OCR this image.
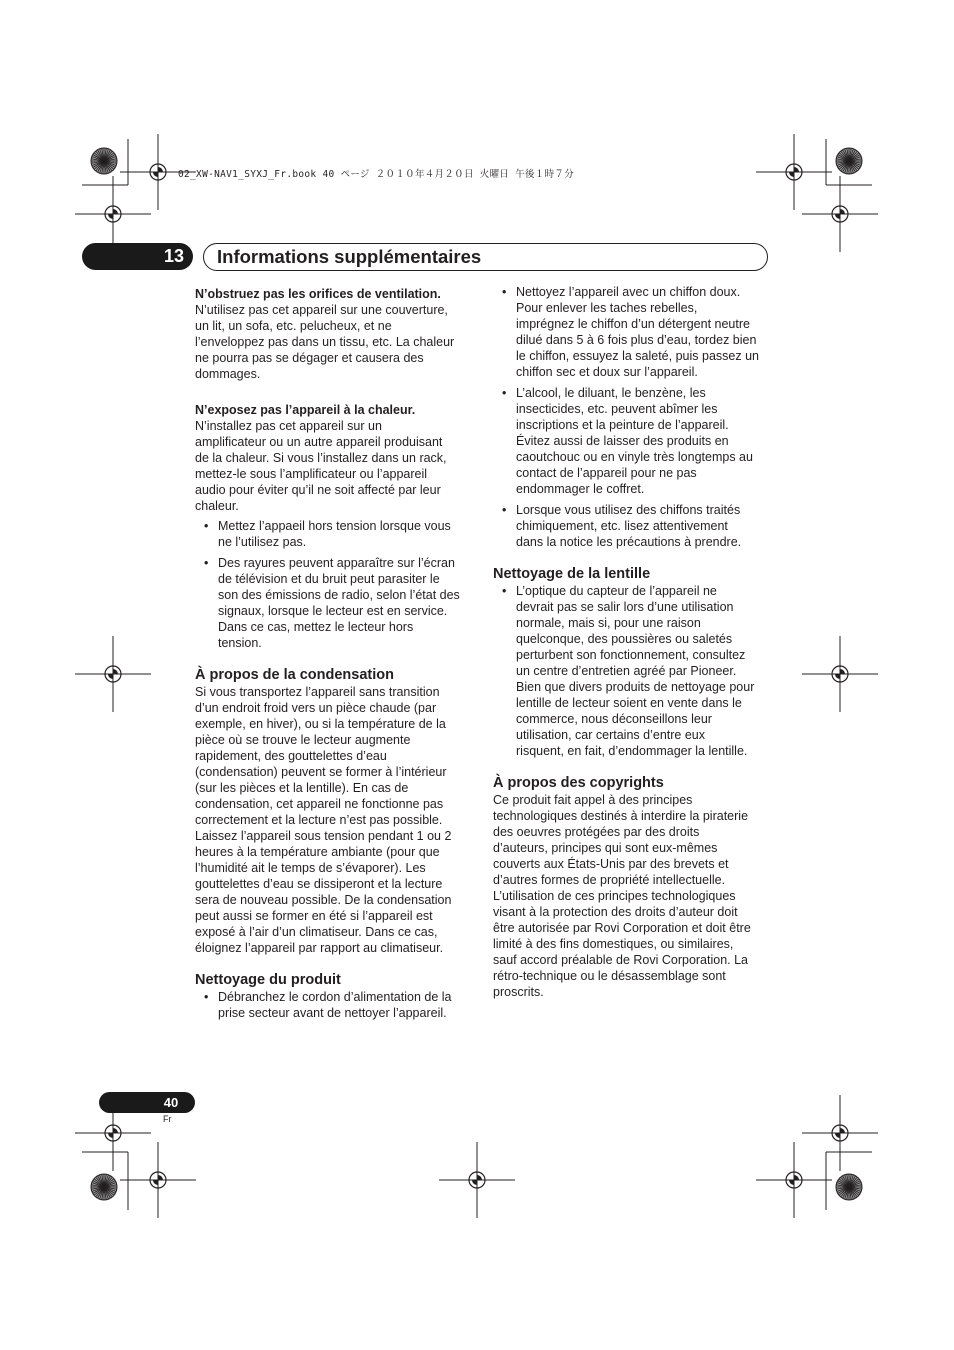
02_XW-NAV1_SYXJ_Fr.book 40 ページ ２０１０年４月２０日 火曜日 午後１時７分
13	Informations supplémentaires

N’obstruez pas les orifices de ventilation.

N’utilisez pas cet appareil sur une couverture,

un lit, un sofa, etc. pelucheux, et ne

l’enveloppez pas dans un tissu, etc. La chaleur

ne pourra pas se dégager et causera des

dommages.

N’exposez pas l’appareil à la chaleur.

N’installez pas cet appareil sur un

amplificateur ou un autre appareil produisant

de la chaleur. Si vous l’installez dans un rack,

mettez-le sous l’amplificateur ou l’appareil

audio pour éviter qu’il ne soit affecté par leur

chaleur.

• Mettez l’appaeil hors tension lorsque vous

ne l’utilisez pas.

• Des rayures peuvent apparaître sur l’écran

de télévision et du bruit peut parasiter le

son des émissions de radio, selon l’état des

signaux, lorsque le lecteur est en service.

Dans ce cas, mettez le lecteur hors

tension.

À propos de la condensation

Si vous transportez l’appareil sans transition

d’un endroit froid vers un pièce chaude (par

exemple, en hiver), ou si la température de la

pièce où se trouve le lecteur augmente

rapidement, des gouttelettes d’eau

(condensation) peuvent se former à l’intérieur

(sur les pièces et la lentille). En cas de

condensation, cet appareil ne fonctionne pas

correctement et la lecture n’est pas possible.

Laissez l’appareil sous tension pendant 1 ou 2

heures à la température ambiante (pour que

l’humidité ait le temps de s’évaporer). Les

gouttelettes d’eau se dissiperont et la lecture

sera de nouveau possible. De la condensation

peut aussi se former en été si l’appareil est

exposé à l’air d’un climatiseur. Dans ce cas,

éloignez l’appareil par rapport au climatiseur.

Nettoyage du produit

• Débranchez le cordon d’alimentation de la

prise secteur avant de nettoyer l’appareil.

• Nettoyez l’appareil avec un chiffon doux.

Pour enlever les taches rebelles,

imprégnez le chiffon d’un détergent neutre

dilué dans 5 à 6 fois plus d’eau, tordez bien

le chiffon, essuyez la saleté, puis passez un

chiffon sec et doux sur l’appareil.

• L’alcool, le diluant, le benzène, les

insecticides, etc. peuvent abîmer les

inscriptions et la peinture de l’appareil.

Évitez aussi de laisser des produits en

caoutchouc ou en vinyle très longtemps au

contact de l’appareil pour ne pas

endommager le coffret.

• Lorsque vous utilisez des chiffons traités

chimiquement, etc. lisez attentivement

dans la notice les précautions à prendre.

Nettoyage de la lentille

• L’optique du capteur de l’appareil ne

devrait pas se salir lors d’une utilisation

normale, mais si, pour une raison

quelconque, des poussières ou saletés

perturbent son fonctionnement, consultez

un centre d’entretien agréé par Pioneer.

Bien que divers produits de nettoyage pour

lentille de lecteur soient en vente dans le

commerce, nous déconseillons leur

utilisation, car certains d’entre eux

risquent, en fait, d’endommager la lentille.

À propos des copyrights

Ce produit fait appel à des principes

technologiques destinés à interdire la piraterie

des oeuvres protégées par des droits

d’auteurs, principes qui sont eux-mêmes

couverts aux États-Unis par des brevets et

d’autres formes de propriété intellectuelle.

L’utilisation de ces principes technologiques

visant à la protection des droits d’auteur doit

être autorisée par Rovi Corporation et doit être

limité à des fins domestiques, ou similaires,

sauf accord préalable de Rovi Corporation. La

rétro-technique ou le désassemblage sont

proscrits.

40
Fr
